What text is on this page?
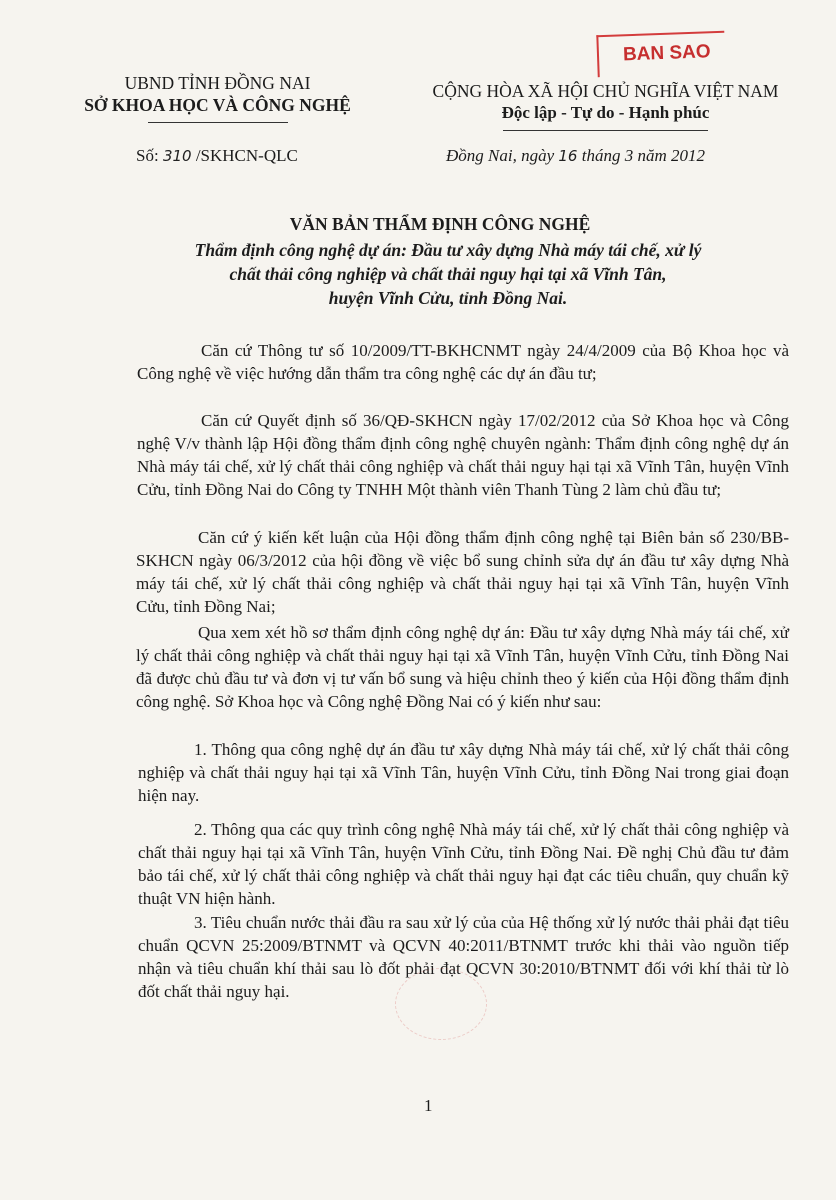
UBND TỈNH ĐỒNG NAI
SỞ KHOA HỌC VÀ CÔNG NGHỆ
BAN SAO
CỘNG HÒA XÃ HỘI CHỦ NGHĨA VIỆT NAM
Độc lập - Tự do - Hạnh phúc
Số: 310 /SKHCN-QLC	Đồng Nai, ngày 16 tháng 3 năm 2012
VĂN BẢN THẨM ĐỊNH CÔNG NGHỆ
Thẩm định công nghệ dự án: Đầu tư xây dựng Nhà máy tái chế, xử lý
chất thải công nghiệp và chất thải nguy hại tại xã Vĩnh Tân,
huyện Vĩnh Cửu, tỉnh Đồng Nai.

Căn cứ Thông tư số 10/2009/TT-BKHCNMT ngày 24/4/2009 của Bộ Khoa học và Công nghệ về việc hướng dẫn thẩm tra công nghệ các dự án đầu tư;

Căn cứ Quyết định số 36/QĐ-SKHCN ngày 17/02/2012 của Sở Khoa học và Công nghệ V/v thành lập Hội đồng thẩm định công nghệ chuyên ngành: Thẩm định công nghệ dự án Nhà máy tái chế, xử lý chất thải công nghiệp và chất thải nguy hại tại xã Vĩnh Tân, huyện Vĩnh Cửu, tỉnh Đồng Nai do Công ty TNHH Một thành viên Thanh Tùng 2 làm chủ đầu tư;

Căn cứ ý kiến kết luận của Hội đồng thẩm định công nghệ tại Biên bản số 230/BB-SKHCN ngày 06/3/2012 của hội đồng về việc bổ sung chỉnh sửa dự án đầu tư xây dựng Nhà máy tái chế, xử lý chất thải công nghiệp và chất thải nguy hại tại xã Vĩnh Tân, huyện Vĩnh Cửu, tỉnh Đồng Nai;

Qua xem xét hồ sơ thẩm định công nghệ dự án: Đầu tư xây dựng Nhà máy tái chế, xử lý chất thải công nghiệp và chất thải nguy hại tại xã Vĩnh Tân, huyện Vĩnh Cửu, tỉnh Đồng Nai đã được chủ đầu tư và đơn vị tư vấn bổ sung và hiệu chỉnh theo ý kiến của Hội đồng thẩm định công nghệ. Sở Khoa học và Công nghệ Đồng Nai có ý kiến như sau:

1. Thông qua công nghệ dự án đầu tư xây dựng Nhà máy tái chế, xử lý chất thải công nghiệp và chất thải nguy hại tại xã Vĩnh Tân, huyện Vĩnh Cửu, tỉnh Đồng Nai trong giai đoạn hiện nay.

2. Thông qua các quy trình công nghệ Nhà máy tái chế, xử lý chất thải công nghiệp và chất thải nguy hại tại xã Vĩnh Tân, huyện Vĩnh Cửu, tỉnh Đồng Nai. Đề nghị Chủ đầu tư đảm bảo tái chế, xử lý chất thải công nghiệp và chất thải nguy hại đạt các tiêu chuẩn, quy chuẩn kỹ thuật VN hiện hành.

3. Tiêu chuẩn nước thải đầu ra sau xử lý của của Hệ thống xử lý nước thải phải đạt tiêu chuẩn QCVN 25:2009/BTNMT và QCVN 40:2011/BTNMT trước khi thải vào nguồn tiếp nhận và tiêu chuẩn khí thải sau lò đốt phải đạt QCVN 30:2010/BTNMT đối với khí thải từ lò đốt chất thải nguy hại.

1
